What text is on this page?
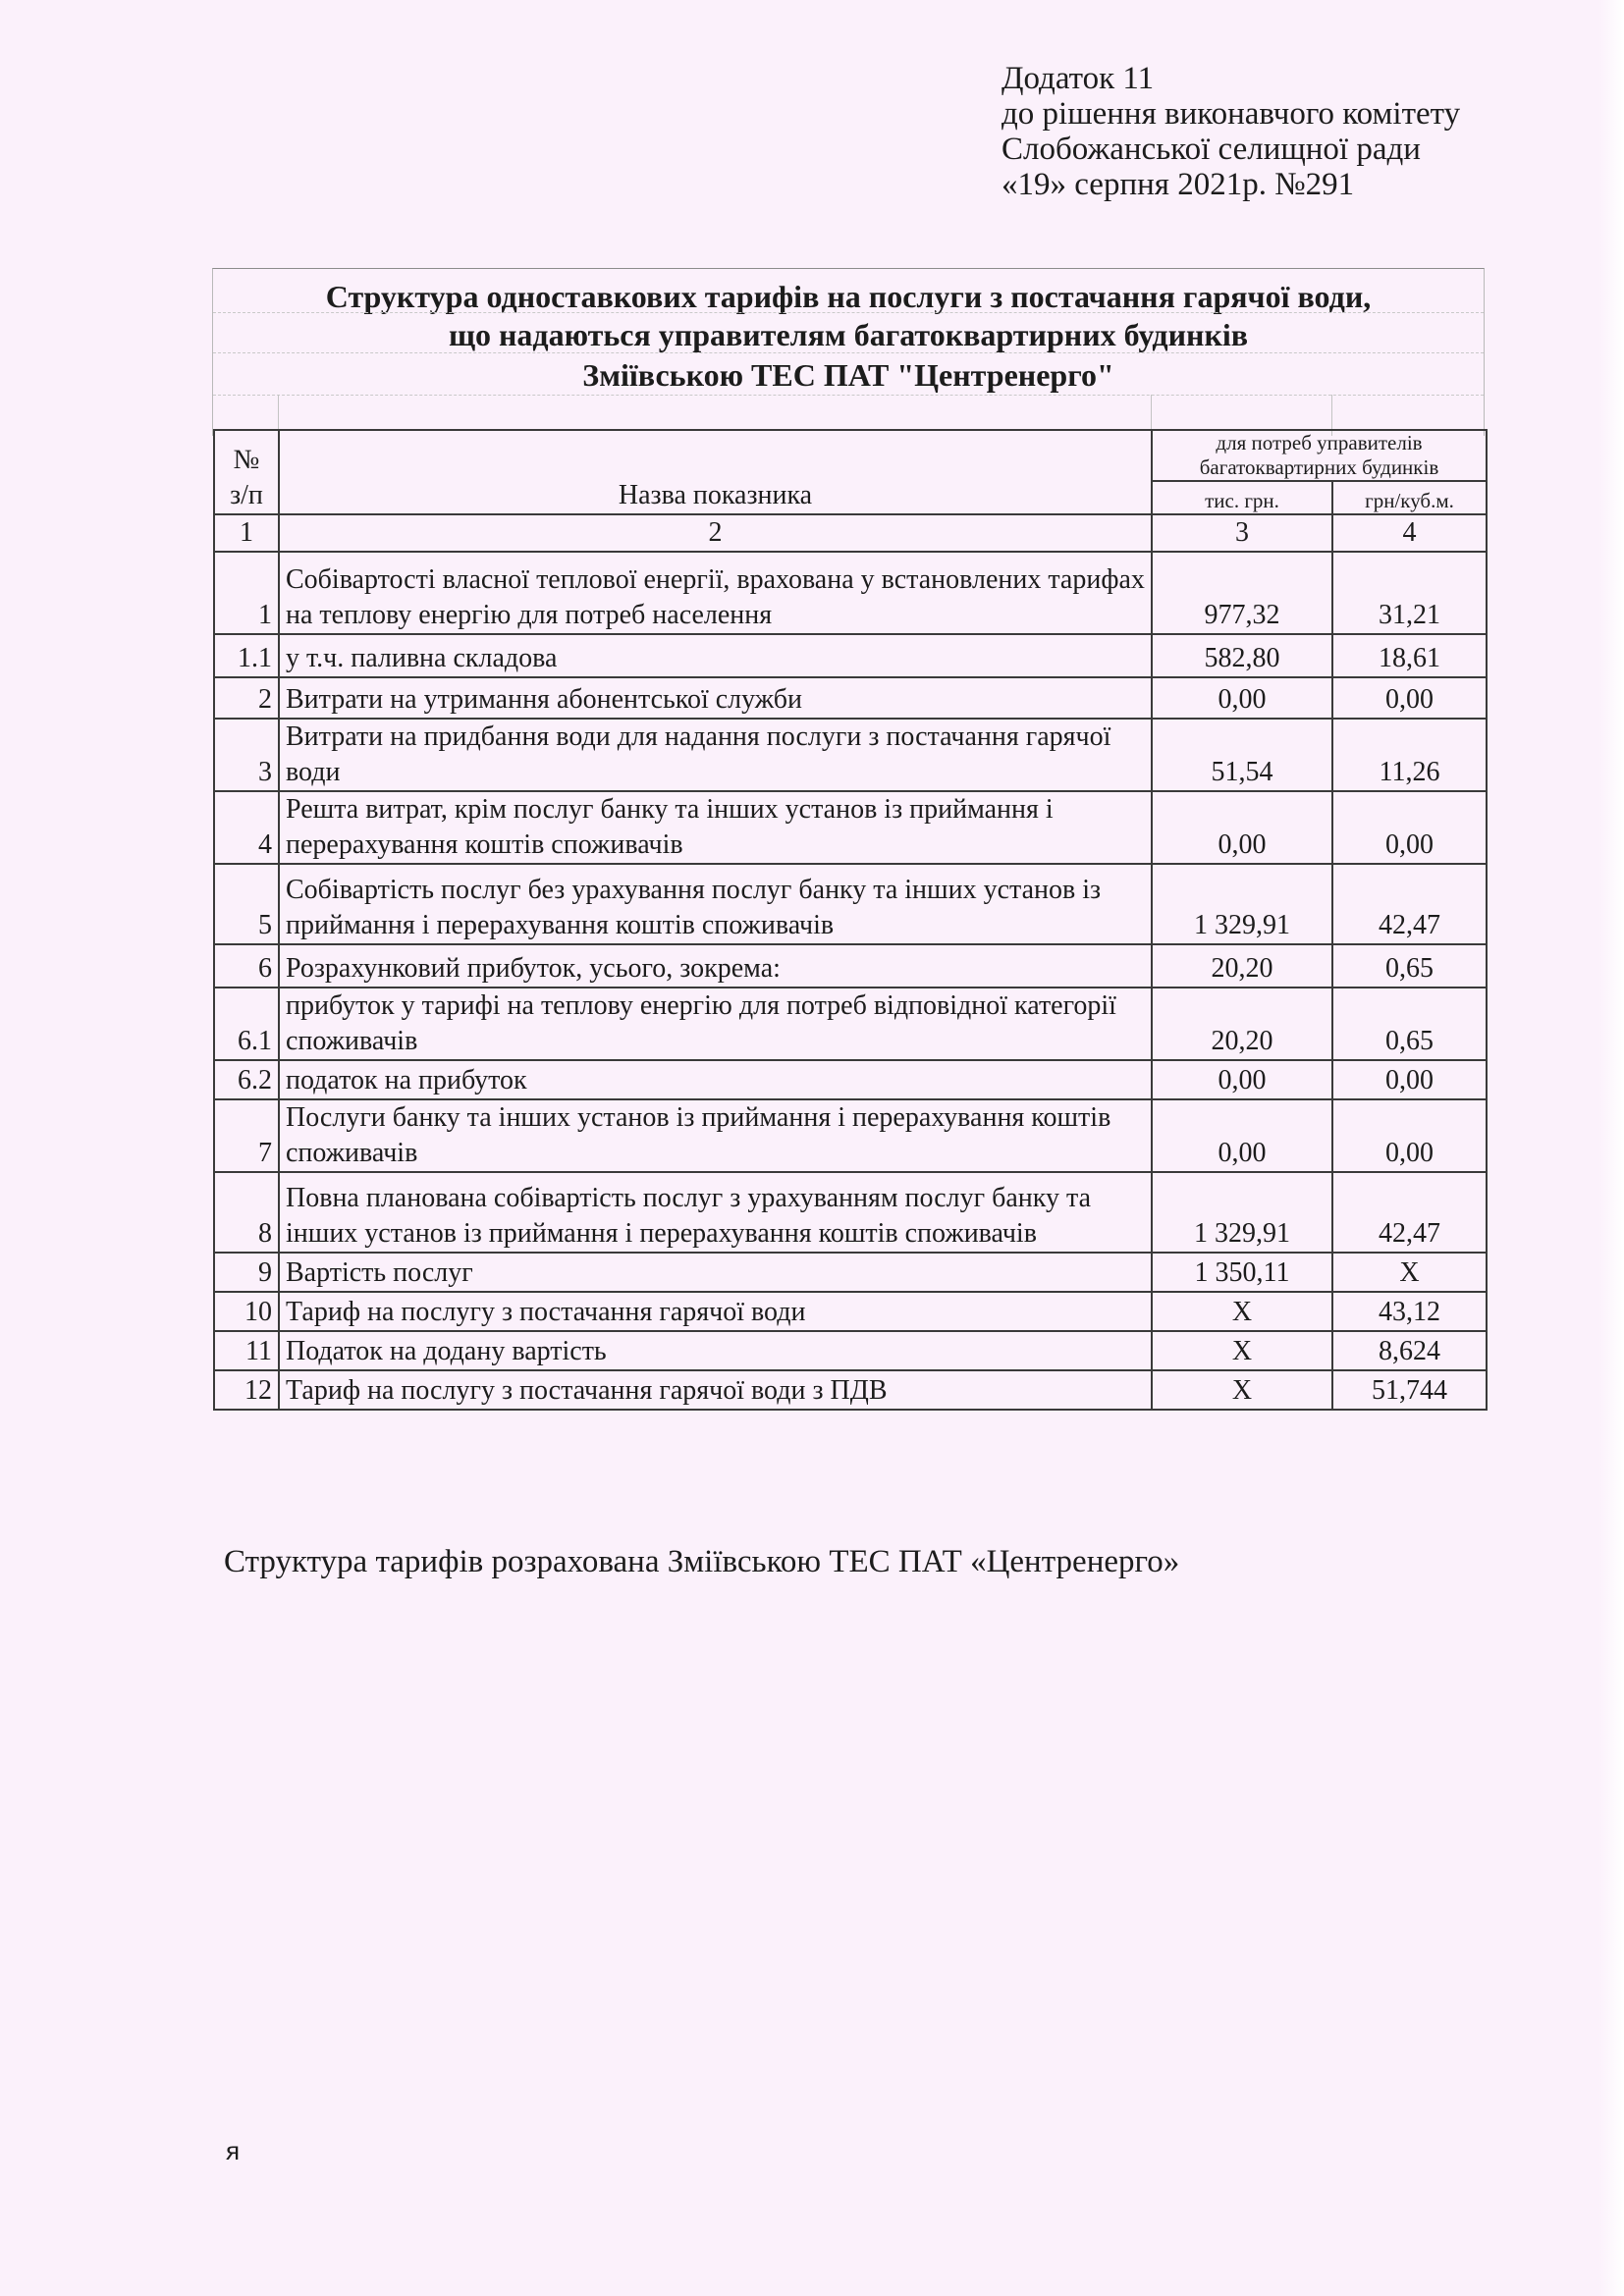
Додаток 11
до рішення виконавчого комітету
Слобожанської селищної ради
«19» серпня 2021р. №291
Структура одноставкових тарифів на послуги з постачання гарячої води,
що надаються управителям багатоквартирних будинків
Зміївською ТЕС ПАТ "Центренерго"
№ з/п	Назва показника	для потреб управителів багатоквартирних будинків	
		тис. грн.	грн/куб.м.
1	2	3	4
1	Собівартості власної теплової енергії, врахована у встановлених тарифах на теплову енергію для потреб населення	977,32	31,21
1.1	у т.ч. паливна складова	582,80	18,61
2	Витрати на утримання абонентської служби	0,00	0,00
3	Витрати на придбання води для надання послуги з постачання гарячої води	51,54	11,26
4	Решта витрат, крім послуг банку та інших установ із приймання і перерахування коштів споживачів	0,00	0,00
5	Собівартість послуг без урахування послуг банку та інших установ із приймання і перерахування коштів споживачів	1 329,91	42,47
6	Розрахунковий прибуток, усього, зокрема:	20,20	0,65
6.1	прибуток у тарифі на теплову енергію для потреб відповідної категорії споживачів	20,20	0,65
6.2	податок на прибуток	0,00	0,00
7	Послуги банку та інших установ із приймання і перерахування коштів споживачів	0,00	0,00
8	Повна планована собівартість послуг з урахуванням послуг банку та інших установ із приймання і перерахування коштів споживачів	1 329,91	42,47
9	Вартість послуг	1 350,11	Х
10	Тариф на послугу з постачання гарячої води	Х	43,12
11	Податок на додану вартість	Х	8,624
12	Тариф на послугу з постачання гарячої води з ПДВ	Х	51,744
Структура тарифів розрахована Зміївською ТЕС ПАТ «Центренерго»
я
